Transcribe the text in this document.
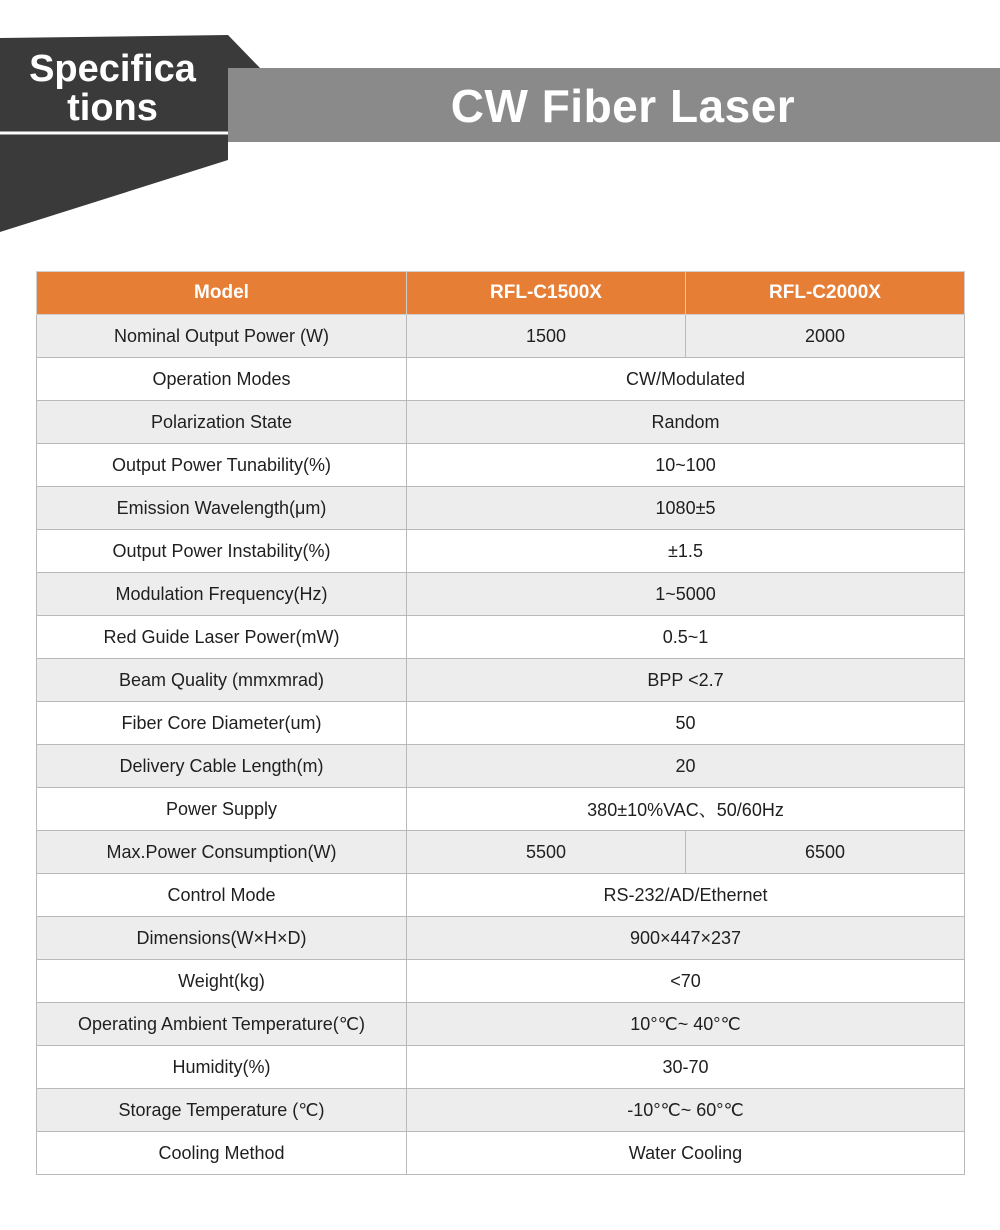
Specifica
tions	CW Fiber Laser
Model	RFL-C1500X	RFL-C2000X
Nominal Output Power (W)	1500	2000
Operation Modes	CW/Modulated	
Polarization State	Random	
Output Power Tunability(%)	10~100	
Emission Wavelength(μm)	1080±5	
Output Power Instability(%)	±1.5	
Modulation Frequency(Hz)	1~5000	
Red Guide Laser Power(mW)	0.5~1	
Beam Quality (mmxmrad)	BPP <2.7	
Fiber Core Diameter(um)	50	
Delivery Cable Length(m)	20	
Power Supply	380±10%VAC、50/60Hz	
Max.Power Consumption(W)	5500	6500
Control Mode	RS-232/AD/Ethernet	
Dimensions(W×H×D)	900×447×237	
Weight(kg)	<70	
Operating Ambient Temperature(℃)	10°℃~ 40°℃	
Humidity(%)	30-70	
Storage Temperature (℃)	-10°℃~ 60°℃	
Cooling Method	Water Cooling	
